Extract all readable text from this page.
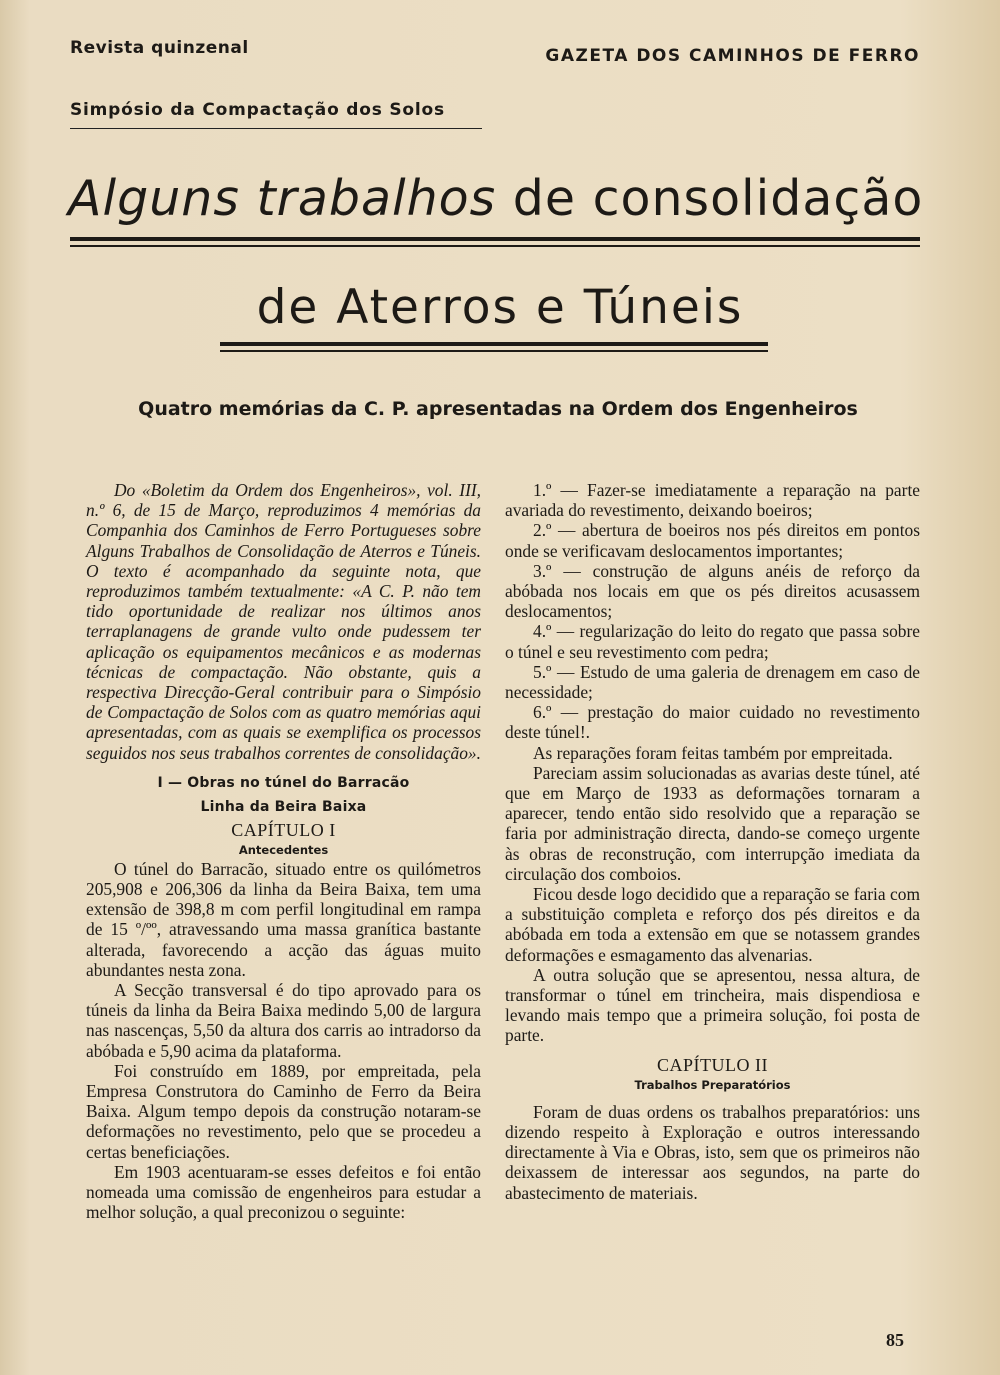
Revista quinzenal	GAZETA DOS CAMINHOS DE FERRO
Simpósio da Compactação dos Solos
Alguns trabalhos de consolidação
de Aterros e Túneis
Quatro memórias da C. P. apresentadas na Ordem dos Engenheiros

Do «Boletim da Ordem dos Engenheiros», vol. III, n.º 6, de 15 de Março, reproduzimos 4 memórias da Companhia dos Caminhos de Ferro Portugueses sobre Alguns Trabalhos de Consolidação de Aterros e Túneis. O texto é acompanhado da seguinte nota, que reproduzimos também textualmente: «A C. P. não tem tido oportunidade de realizar nos últimos anos terraplanagens de grande vulto onde pudessem ter aplicação os equipamentos mecânicos e as modernas técnicas de compactação. Não obstante, quis a respectiva Direcção-Geral contribuir para o Simpósio de Compactação de Solos com as quatro memórias aqui apresentadas, com as quais se exemplifica os processos seguidos nos seus trabalhos correntes de consolidação».

I — Obras no túnel do Barracão
Linha da Beira Baixa
CAPÍTULO I
Antecedentes

O túnel do Barracão, situado entre os quilómetros 205,908 e 206,306 da linha da Beira Baixa, tem uma extensão de 398,8 m com perfil longitudinal em rampa de 15 º/ºº, atravessando uma massa granítica bastante alterada, favorecendo a acção das águas muito abundantes nesta zona.

A Secção transversal é do tipo aprovado para os túneis da linha da Beira Baixa medindo 5,00 de largura nas nascenças, 5,50 da altura dos carris ao intradorso da abóbada e 5,90 acima da plataforma.

Foi construído em 1889, por empreitada, pela Empresa Construtora do Caminho de Ferro da Beira Baixa. Algum tempo depois da construção notaram-se deformações no revestimento, pelo que se procedeu a certas beneficiações.

Em 1903 acentuaram-se esses defeitos e foi então nomeada uma comissão de engenheiros para estudar a melhor solução, a qual preconizou o seguinte:

1.º — Fazer-se imediatamente a reparação na parte avariada do revestimento, deixando boeiros;

2.º — abertura de boeiros nos pés direitos em pontos onde se verificavam deslocamentos importantes;

3.º — construção de alguns anéis de reforço da abóbada nos locais em que os pés direitos acusassem deslocamentos;

4.º — regularização do leito do regato que passa sobre o túnel e seu revestimento com pedra;

5.º — Estudo de uma galeria de drenagem em caso de necessidade;

6.º — prestação do maior cuidado no revestimento deste túnel!.

As reparações foram feitas também por empreitada.

Pareciam assim solucionadas as avarias deste túnel, até que em Março de 1933 as deformações tornaram a aparecer, tendo então sido resolvido que a reparação se faria por administração directa, dando-se começo urgente às obras de reconstrução, com interrupção imediata da circulação dos comboios.

Ficou desde logo decidido que a reparação se faria com a substituição completa e reforço dos pés direitos e da abóbada em toda a extensão em que se notassem grandes deformações e esmagamento das alvenarias.

A outra solução que se apresentou, nessa altura, de transformar o túnel em trincheira, mais dispendiosa e levando mais tempo que a primeira solução, foi posta de parte.

CAPÍTULO II
Trabalhos Preparatórios

Foram de duas ordens os trabalhos preparatórios: uns dizendo respeito à Exploração e outros interessando directamente à Via e Obras, isto, sem que os primeiros não deixassem de interessar aos segundos, na parte do abastecimento de materiais.

85
